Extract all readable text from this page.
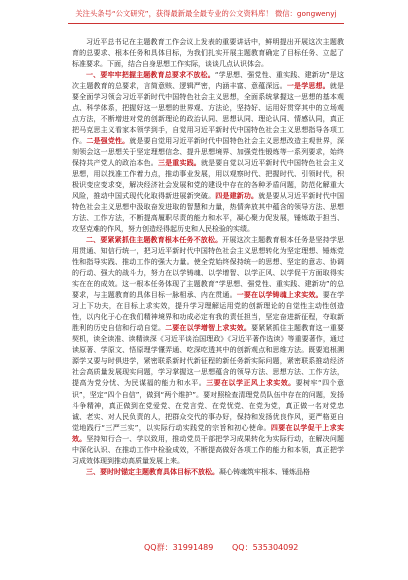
关注头条号“公文研究”，获得最新最全最专业的公文资料库！ 微信：gongwenyj

习近平总书记在主题教育工作会议上发表的重要讲话中，鲜明提出开展这次主题教育的总要求、根本任务和具体目标，为我们扎实开展主题教育确定了目标任务、立起了标准要求。下面，结合自身思想工作实际，谈谈几点认识体会。

一、要牢牢把握主题教育总要求不放松。“学思想、强党性、重实践、建新功”是这次主题教育的总要求，言简意赅、逻辑严密，内涵丰富、意蕴深远。一是学思想。就是要全面学习领会习近平新时代中国特色社会主义思想，全面系统掌握这一思想的基本观点、科学体系，把握好这一思想的世界观、方法论，坚持好、运用好贯穿其中的立场观点方法，不断增进对党的创新理论的政治认同、思想认同、理论认同、情感认同，真正把马克思主义看家本领学到手，自觉用习近平新时代中国特色社会主义思想指导各项工作。二是强党性。就是要自觉用习近平新时代中国特色社会主义思想改造主观世界，深刻领会这一思想关于坚定理想信念、提升思想境界、加强党性锻炼等一系列要求，始终保持共产党人的政治本色。三是重实践。就是要自觉以习近平新时代中国特色社会主义思想，用以找准工作着力点，推动事业发展，用以观察时代、把握时代、引领时代，积极识变应变求变，解决经济社会发展和党的建设中存在的各种矛盾问题，防范化解重大风险，推动中国式现代化取得新进展新突破。四是建新功。就是要从习近平新时代中国特色社会主义思想中汲取奋发进取的智慧和力量，热情奔放其中蕴含的领导方法、思想方法、工作方法，不断提高履职尽责的能力和水平，凝心聚力促发展，锤炼敢于担当、攻坚克难的作风，努力创造经得起历史和人民检验的实绩。

二、要紧紧抓住主题教育根本任务不放松。开展这次主题教育根本任务是坚持学思用贯通、知信行统一，把习近平新时代中国特色社会主义思想转化为坚定理想、锤炼党性和指导实践、推动工作的强大力量。使全党始终保持统一的思想、坚定的意志、协调的行动、强大的战斗力，努力在以学铸魂、以学增智、以学正风、以学促干方面取得实实在在的成效。这一根本任务体现了主题教育“学思想、强党性、重实践、建新功”的总要求，与主题教育的具体目标一脉相承、内在贯通。一要在以学铸魂上求实效。要在学习上下功夫，在目标上求实效，提升学习理解运用党的创新理论的自觉性主动性创造性，以内化于心在我们精神境界和功成必定有我的责任担当，坚定奋进新征程，夺取新胜利的历史自信和行动自觉。二要在以学增智上求实效。要紧紧抓住主题教育这一重要契机，读全读准、读精读深《习近平谈治国理政》《习近平著作选读》等重要著作，通过读原著、学原文、悟原理学懂弄通、吃深吃透其中的创新观点和思维方法。既要追根溯源学又要与时俱进学，紧密联系新时代新征程的新任务新实际问题，紧密联系推动经济社会高质量发展现实问题，学习掌握这一思想蕴含的领导方法、思想方法、工作方法，提高为党分忧、为民谋福的能力和水平。三要在以学正风上求实效。要树牢“四个意识”，坚定“四个自信”，做到“两个维护”。要对照检查清理党员队伍中存在的问题，发扬斗争精神，真正做到在党爱党、在党言党、在党忧党、在党为党，真正做一名对党忠诚、老实、对人民负责的人，把群众交代的事办好，保持和发扬优良作风，更严格更自觉地践行“三严三实”，以实际行动实践党的宗旨和初心使命。四要在以学促干上求实效。坚持知行合一、学以致用，推动党员干部把学习成果转化为实际行动，在解决问题中深化认识、在推动工作中检验成效，不断提高做好各项工作的能力和本领，真正把学习成效体现到推动高质量发展上来。

三、要时时锚定主题教育具体目标不放松。凝心铸魂筑牢根本、锤炼品格

QQ群：31991489 QQ：535304092
